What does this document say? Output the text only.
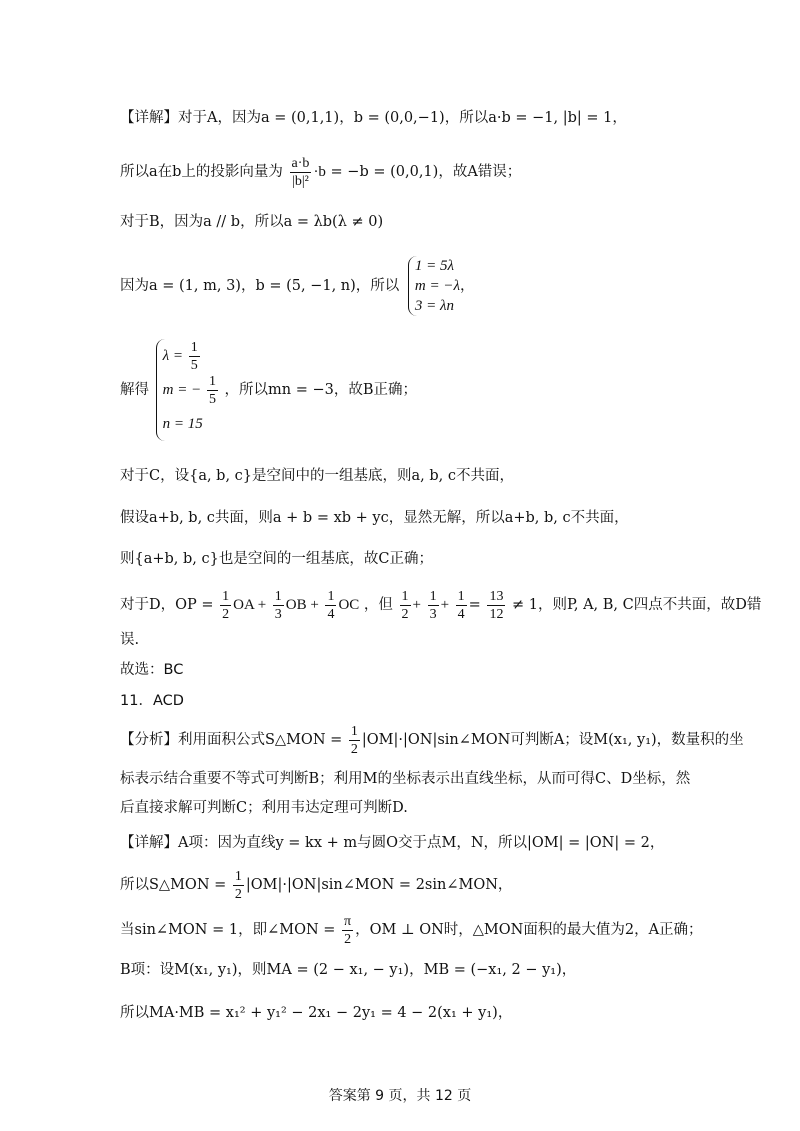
【详解】对于A，因为a = (0,1,1)，b = (0,0,−1)，所以a·b = −1, |b| = 1，
所以a在b上的投影向量为 $\frac{a\cdot b}{\text{|b|²}} \cdot b = -b = (0,0,1)$，故A错误；
对于B，因为a // b，所以a = λb(λ ≠ 0)
因为a = (1, m, 3)，b = (5, −1, n)，所以
1 = 5λ
m = −λ
3 = λn
，
解得
$\lambda = \frac{1}{5}$
m = − $\frac{1}{5}$
n = 15
，所以mn = −3，故B正确；
对于C，设{a, b, c}是空间中的一组基底，则a, b, c不共面，
假设a+b, b, c共面，则a + b = xb + yc，显然无解，所以a+b, b, c不共面，
则{a+b, b, c}也是空间的一组基底，故C正确；
对于D，OP = $\frac{1}{2}$ OA + $\frac{1}{3}$ OB + $\frac{1}{4}$ OC ，但 $\frac{1}{2} + \frac{1}{3} + \frac{1}{4} = \frac{13}{12} \ne 1$，则P, A, B, C四点不共面，故D错
误.
故选：BC
11．ACD
【分析】利用面积公式S△MON = $\frac{1}{2}$ |OM|·|ON|sin∠MON可判断A；设M(x₁, y₁)，数量积的坐
标表示结合重要不等式可判断B；利用M的坐标表示出直线坐标，从而可得C、D坐标，然
后直接求解可判断C；利用韦达定理可判断D.
【详解】A项：因为直线y = kx + m与圆O交于点M，N，所以|OM| = |ON| = 2，
所以S△MON = $\frac{1}{2}$ |OM|·|ON|sin∠MON = 2sin∠MON，
当sin∠MON = 1，即∠MON = $\frac{\pi}{2}$ ，OM ⊥ ON时，△MON面积的最大值为2，A正确；
B项：设M(x₁, y₁)，则MA = (2 − x₁, − y₁)，MB = (−x₁, 2 − y₁)，
所以MA·MB = x₁² + y₁² − 2x₁ − 2y₁ = 4 − 2(x₁ + y₁)，
答案第 9 页，共 12 页
